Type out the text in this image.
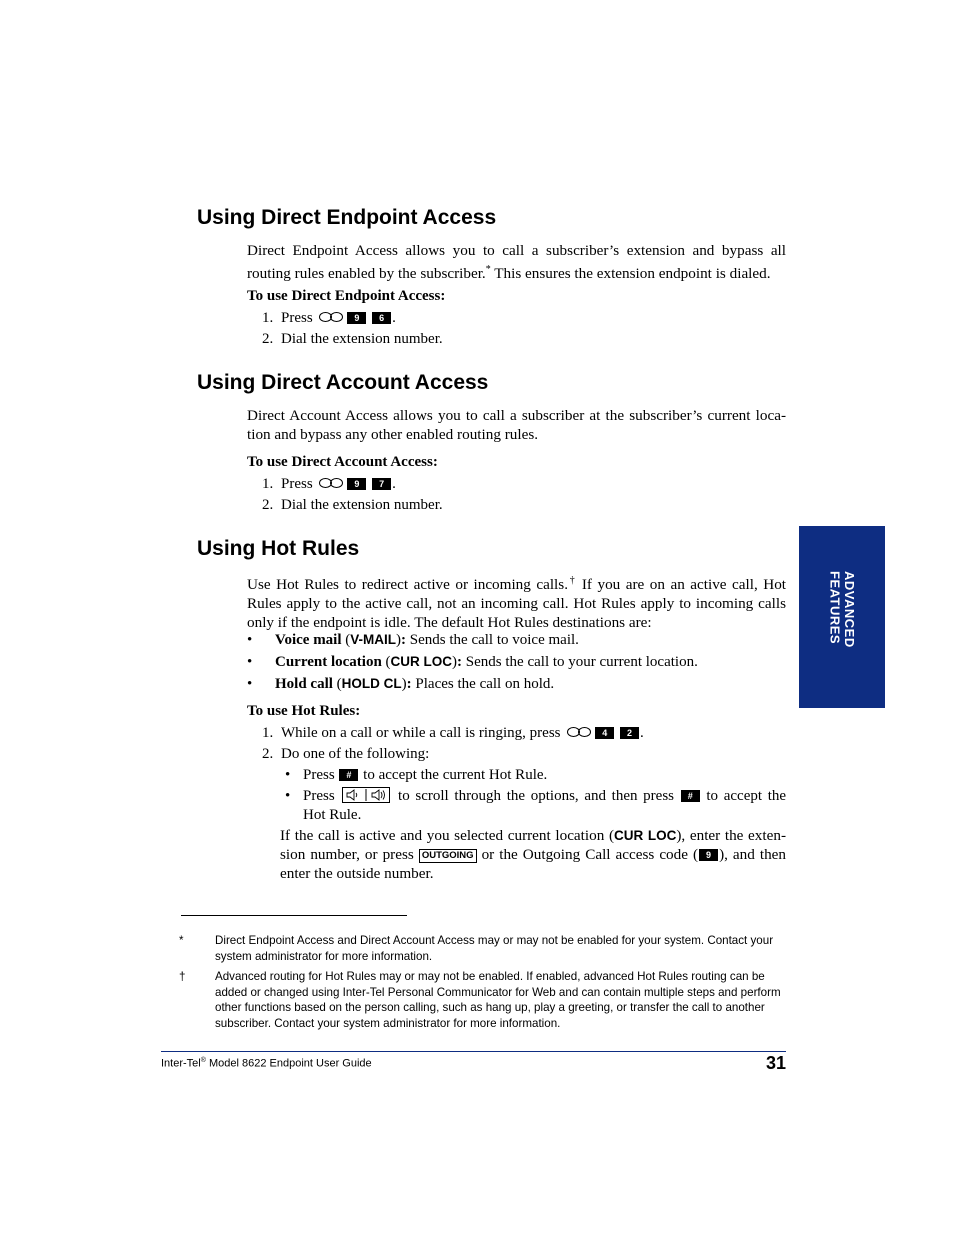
Using Direct Endpoint Access
Direct Endpoint Access allows you to call a subscriber’s extension and bypass all routing rules enabled by the subscriber.* This ensures the extension endpoint is dialed.
To use Direct Endpoint Access:
1. Press	9 6 .
2. Dial the extension number.
Using Direct Account Access
Direct Account Access allows you to call a subscriber at the subscriber’s current loca-tion and bypass any other enabled routing rules.
To use Direct Account Access:
1. Press	9 7 .
2. Dial the extension number.
Using Hot Rules
Use Hot Rules to redirect active or incoming calls.† If you are on an active call, Hot Rules apply to the active call, not an incoming call. Hot Rules apply to incoming calls only if the endpoint is idle. The default Hot Rules destinations are:
• Voice mail (V-MAIL): Sends the call to voice mail.
• Current location (CUR LOC): Sends the call to your current location.
• Hold call (HOLD CL): Places the call on hold.
To use Hot Rules:
1. While on a call or while a call is ringing, press	4 2 .
2. Do one of the following:
• Press # to accept the current Hot Rule.
• Press	to scroll through the options, and then press # to accept the Hot Rule.
If the call is active and you selected current location (CUR LOC), enter the exten-sion number, or press OUTGOING or the Outgoing Call access code ( 9 ), and then enter the outside number.
*	Direct Endpoint Access and Direct Account Access may or may not be enabled for your system. Contact your system administrator for more information.
†	Advanced routing for Hot Rules may or may not be enabled. If enabled, advanced Hot Rules routing can be added or changed using Inter-Tel Personal Communicator for Web and can contain multiple steps and perform other functions based on the person calling, such as hang up, play a greeting, or transfer the call to another subscriber. Contact your system administrator for more information.
Inter-Tel® Model 8622 Endpoint User Guide	31
ADVANCED
FEATURES
